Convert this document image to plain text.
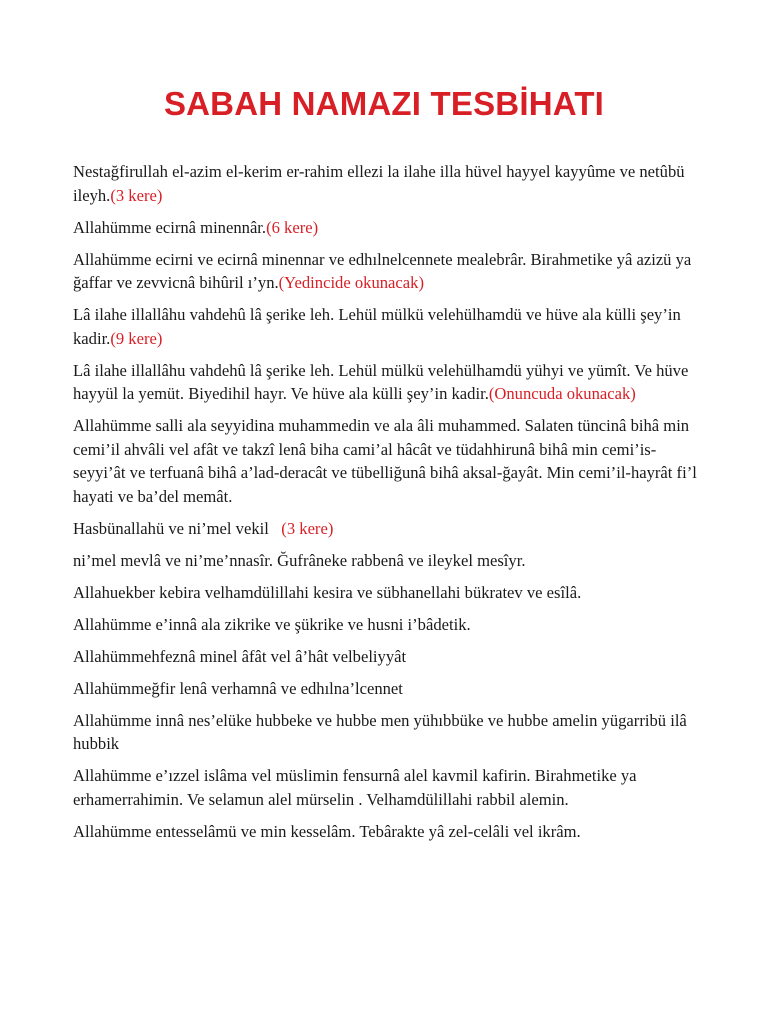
SABAH NAMAZI TESBİHATI

Nestağfirullah el-azim el-kerim er-rahim ellezi la ilahe illa hüvel hayyel kayyûme ve netûbü ileyh.(3 kere)

Allahümme ecirnâ minennâr.(6 kere)

Allahümme ecirni ve ecirnâ minennar ve edhılnelcennete mealebrâr. Birahmetike yâ azizü ya ğaffar ve zevvicnâ bihûril ı’yn.(Yedincide okunacak)

Lâ ilahe illallâhu vahdehû lâ şerike leh. Lehül mülkü velehülhamdü ve hüve ala külli şey’in kadir.(9 kere)

Lâ ilahe illallâhu vahdehû lâ şerike leh. Lehül mülkü velehülhamdü yühyi ve yümît. Ve hüve hayyül la yemüt. Biyedihil hayr. Ve hüve ala külli şey’in kadir.(Onuncuda okunacak)

Allahümme salli ala seyyidina muhammedin ve ala âli muhammed. Salaten tüncinâ bihâ min cemi’il ahvâli vel afât ve takzî lenâ biha cami’al hâcât ve tüdahhirunâ bihâ min cemi’is-seyyi’ât ve terfuanâ bihâ a’lad-deracât ve tübelliğunâ bihâ aksal-ğayât. Min cemi’il-hayrât fi’l hayati ve ba’del memât.

Hasbünallahü ve ni’mel vekil   (3 kere)

ni’mel mevlâ ve ni’me’nnasîr. Ğufrâneke rabbenâ ve ileykel mesîyr.

Allahuekber kebira velhamdülillahi kesira ve sübhanellahi bükratev ve esîlâ.

Allahümme e’innâ ala zikrike ve şükrike ve husni i’bâdetik.

Allahümmehfeznâ minel âfât vel â’hât velbeliyyât

Allahümmeğfir lenâ verhamnâ ve edhılna’lcennet

Allahümme innâ nes’elüke hubbeke ve hubbe men yühıbbüke ve hubbe amelin yügarribü ilâ hubbik

Allahümme e’ızzel islâma vel müslimin fensurnâ alel kavmil kafirin. Birahmetike ya erhamerrahimin. Ve selamun alel mürselin . Velhamdülillahi rabbil alemin.

Allahümme entesselâmü ve min kesselâm. Tebârakte yâ zel-celâli vel ikrâm.
